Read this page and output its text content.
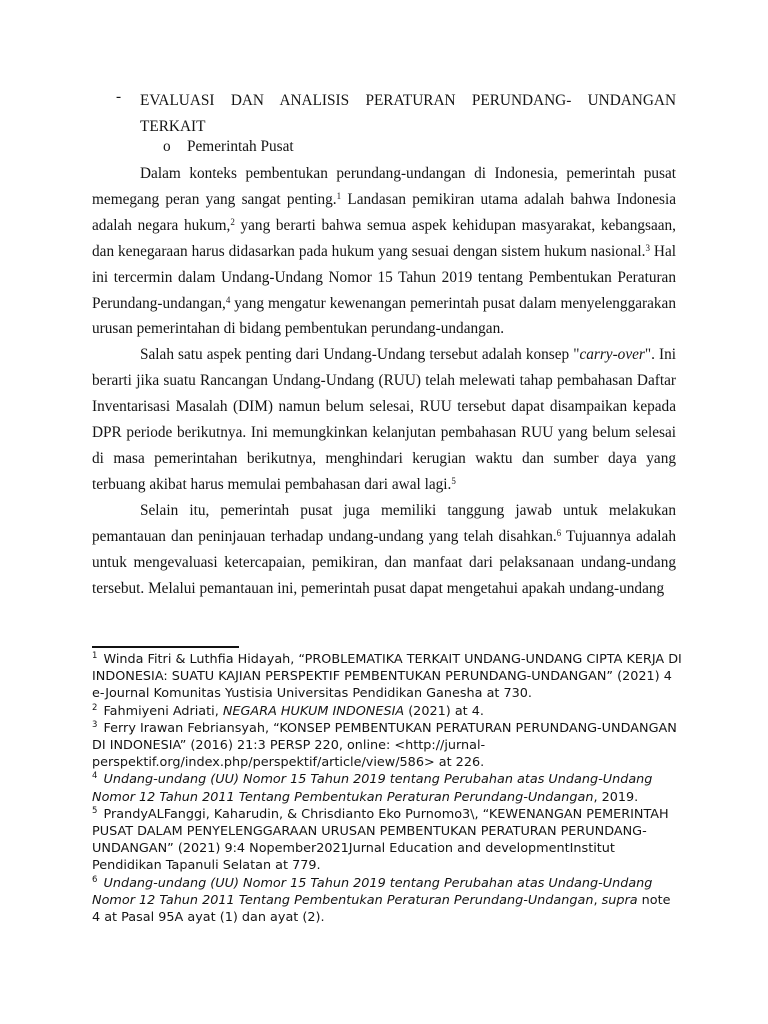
- EVALUASI DAN ANALISIS PERATURAN PERUNDANG- UNDANGAN
TERKAIT
o Pemerintah Pusat

Dalam konteks pembentukan perundang-undangan di Indonesia, pemerintah pusat memegang peran yang sangat penting.$^1$ Landasan pemikiran utama adalah bahwa Indonesia adalah negara hukum,$^2$ yang berarti bahwa semua aspek kehidupan masyarakat, kebangsaan, dan kenegaraan harus didasarkan pada hukum yang sesuai dengan sistem hukum nasional.$^3$ Hal ini tercermin dalam Undang-Undang Nomor 15 Tahun 2019 tentang Pembentukan Peraturan Perundang-undangan,$^4$ yang mengatur kewenangan pemerintah pusat dalam menyelenggarakan urusan pemerintahan di bidang pembentukan perundang-undangan.

Salah satu aspek penting dari Undang-Undang tersebut adalah konsep "carry-over". Ini berarti jika suatu Rancangan Undang-Undang (RUU) telah melewati tahap pembahasan Daftar Inventarisasi Masalah (DIM) namun belum selesai, RUU tersebut dapat disampaikan kepada DPR periode berikutnya. Ini memungkinkan kelanjutan pembahasan RUU yang belum selesai di masa pemerintahan berikutnya, menghindari kerugian waktu dan sumber daya yang terbuang akibat harus memulai pembahasan dari awal lagi.$^5$

Selain itu, pemerintah pusat juga memiliki tanggung jawab untuk melakukan pemantauan dan peninjauan terhadap undang-undang yang telah disahkan.$^6$ Tujuannya adalah untuk mengevaluasi ketercapaian, pemikiran, dan manfaat dari pelaksanaan undang-undang tersebut. Melalui pemantauan ini, pemerintah pusat dapat mengetahui apakah undang-undang

$^1$ Winda Fitri & Luthfia Hidayah, “PROBLEMATIKA TERKAIT UNDANG-UNDANG CIPTA KERJA DI INDONESIA: SUATU KAJIAN PERSPEKTIF PEMBENTUKAN PERUNDANG-UNDANGAN” (2021) 4 e-Journal Komunitas Yustisia Universitas Pendidikan Ganesha at 730.

$^2$ Fahmiyeni Adriati, NEGARA HUKUM INDONESIA (2021) at 4.

$^3$ Ferry Irawan Febriansyah, “KONSEP PEMBENTUKAN PERATURAN PERUNDANG-UNDANGAN DI INDONESIA” (2016) 21:3 PERSP 220, online: <http://jurnal-perspektif.org/index.php/perspektif/article/view/586> at 226.

$^4$ Undang-undang (UU) Nomor 15 Tahun 2019 tentang Perubahan atas Undang-Undang Nomor 12 Tahun 2011 Tentang Pembentukan Peraturan Perundang-Undangan, 2019.

$^5$ PrandyALFanggi, Kaharudin, & Chrisdianto Eko Purnomo3\, “KEWENANGAN PEMERINTAH PUSAT DALAM PENYELENGGARAAN URUSAN PEMBENTUKAN PERATURAN PERUNDANG-UNDANGAN” (2021) 9:4 Nopember2021Jurnal Education and developmentInstitut Pendidikan Tapanuli Selatan at 779.

$^6$ Undang-undang (UU) Nomor 15 Tahun 2019 tentang Perubahan atas Undang-Undang Nomor 12 Tahun 2011 Tentang Pembentukan Peraturan Perundang-Undangan, supra note 4 at Pasal 95A ayat (1) dan ayat (2).
